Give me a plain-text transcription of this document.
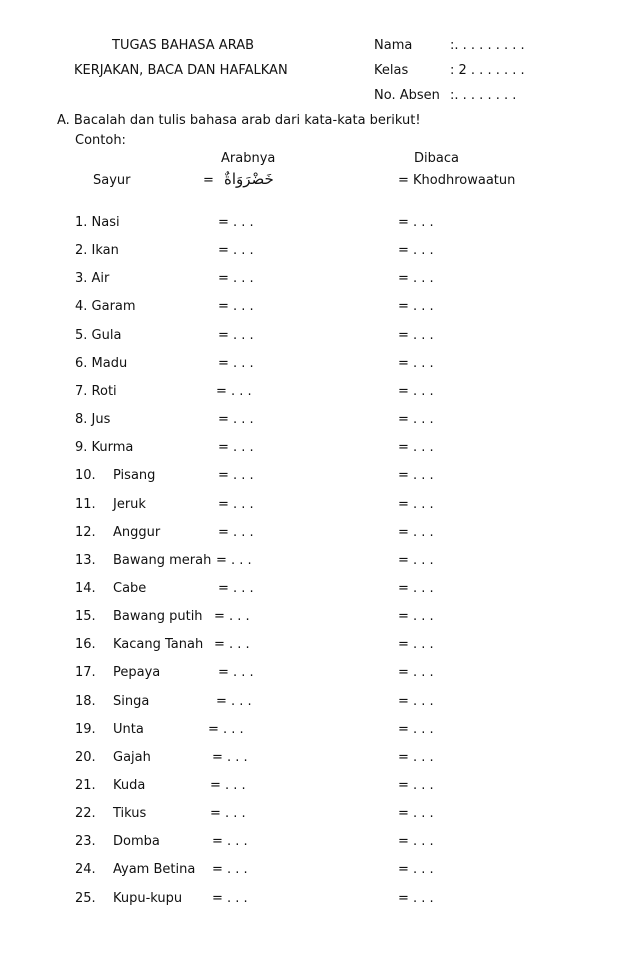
TUGAS BAHASA ARAB
KERJAKAN, BACA DAN HAFALKAN
Nama	:. . . . . . . . .
Kelas	: 2 . . . . . . .
No. Absen :. . . . . . . .
A. Bacalah dan tulis bahasa arab dari kata-kata berikut!
Contoh:
Arabnya	Dibaca
Sayur	= خَضْرَوَاةٌ	= Khodhrowaatun
1. Nasi	= . . .	= . . .
2. Ikan	= . . .	= . . .
3. Air	= . . .	= . . .
4. Garam	= . . .	= . . .
5. Gula	= . . .	= . . .
6. Madu	= . . .	= . . .
7. Roti	= . . .	= . . .
8. Jus	= . . .	= . . .
9. Kurma	= . . .	= . . .
10. Pisang	= . . .	= . . .
11. Jeruk	= . . .	= . . .
12. Anggur	= . . .	= . . .
13. Bawang merah = . . .	= . . .
14. Cabe	= . . .	= . . .
15. Bawang putih = . . .	= . . .
16. Kacang Tanah = . . .	= . . .
17. Pepaya	= . . .	= . . .
18. Singa	= . . .	= . . .
19. Unta	= . . .	= . . .
20. Gajah	= . . .	= . . .
21. Kuda	= . . .	= . . .
22. Tikus	= . . .	= . . .
23. Domba	= . . .	= . . .
24. Ayam Betina = . . .	= . . .
25. Kupu-kupu = . . .	= . . .
